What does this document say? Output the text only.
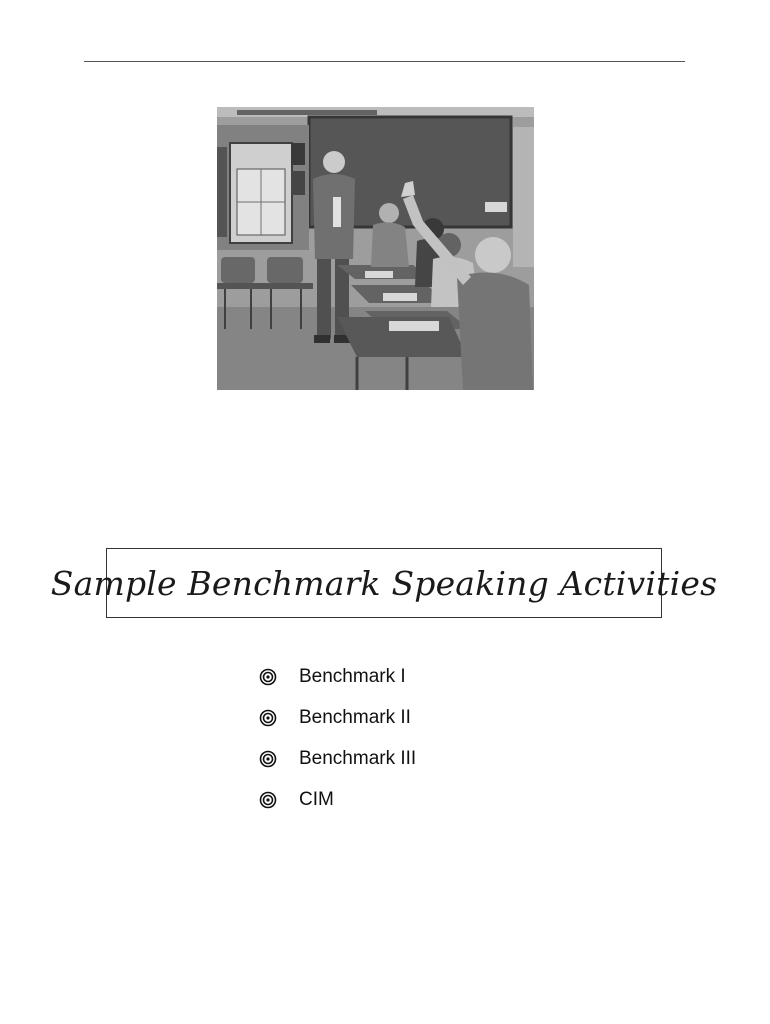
Sample Benchmark Speaking Activities
Benchmark I
Benchmark II
Benchmark III
CIM
